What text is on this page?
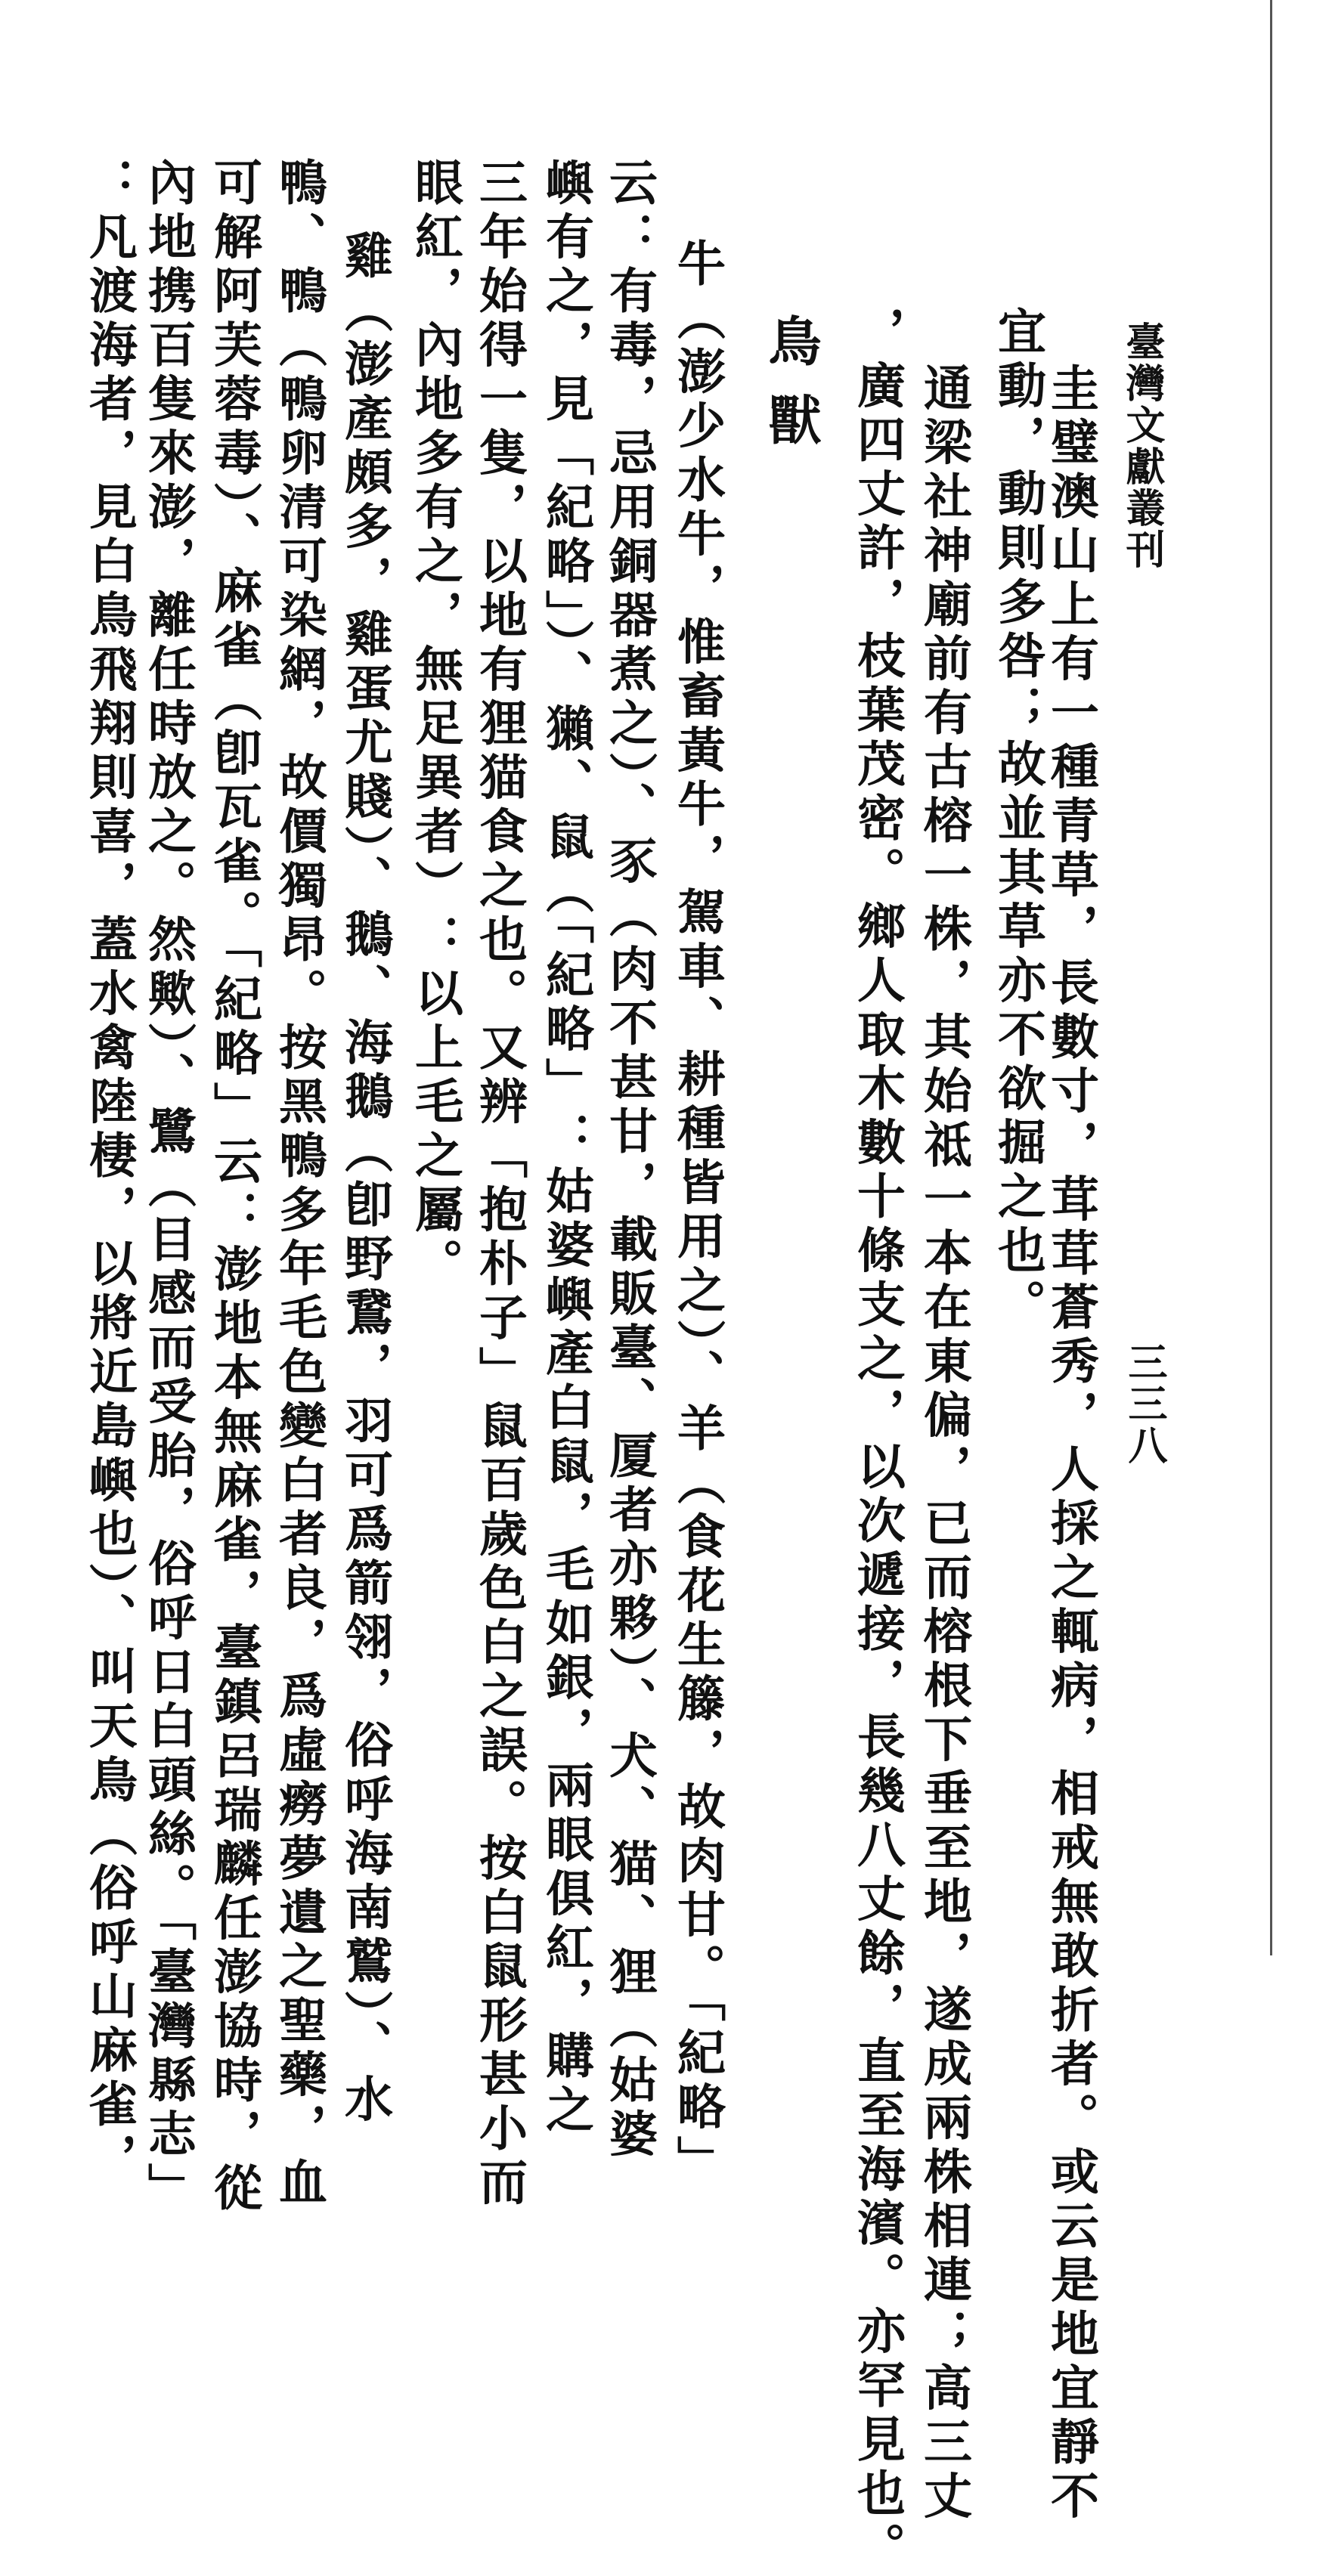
臺灣文獻叢刊
三三八
圭璧澳山上有一種青草，長數寸，茸茸蒼秀，人採之輒病，相戒無敢折者。或云是地宜靜不
宜動，動則多咎；故並其草亦不欲掘之也。
通梁社神廟前有古榕一株，其始祗一本在東偏，已而榕根下垂至地，遂成兩株相連；高三丈
，廣四丈許，枝葉茂密。鄉人取木數十條支之，以次遞接，長幾八丈餘，直至海濱。亦罕見也。
鳥獸
牛（澎少水牛，惟畜黃牛，駕車、耕種皆用之）、羊（食花生籐，故肉甘。「紀略」
云：有毒，忌用銅器煮之）、豕（肉不甚甘，載販臺、厦者亦夥）、犬、猫、狸（姑婆
嶼有之，見「紀略」）、獺、鼠（「紀略」：姑婆嶼產白鼠，毛如銀，兩眼俱紅，購之
三年始得一隻，以地有狸猫食之也。又辨「抱朴子」鼠百歲色白之誤。按白鼠形甚小而
眼紅，內地多有之，無足異者）：以上毛之屬。
雞（澎產頗多，雞蛋尤賤）、鵝、海鵝（卽野鵞，羽可爲箭翎，俗呼海南鷲）、水
鴨、鴨（鴨卵清可染網，故價獨昂。按黑鴨多年毛色變白者良，爲虛癆夢遺之聖藥，血
可解阿芙蓉毒）、麻雀（卽瓦雀。「紀略」云：澎地本無麻雀，臺鎮呂瑞麟任澎協時，從
內地携百隻來澎，離任時放之。然歟）、鷺（目感而受胎，俗呼日白頭絲。「臺灣縣志」
：凡渡海者，見白鳥飛翔則喜，蓋水禽陸棲，以將近島嶼也）、叫天鳥（俗呼山麻雀，
